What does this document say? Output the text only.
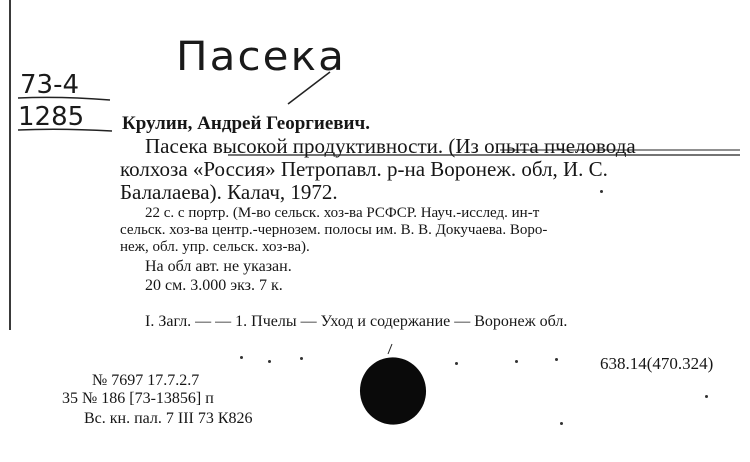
Пасека
73-4
1285 Крулин, Андрей Георгиевич.
Пасека высокой продуктивности. (Из опыта пчеловода
колхоза «Россия» Петропавл. р-на Воронеж. обл, И. С.
Балалаева). Калач, 1972.
22 с. с портр. (М-во сельск. хоз-ва РСФСР. Науч.-исслед. ин-т
сельск. хоз-ва центр.-чернозем. полосы им. В. В. Докучаева. Воро-
неж, обл. упр. сельск. хоз-ва).
На обл авт. не указан.
20 см. 3.000 экз. 7 к.
I. Загл. — — 1. Пчелы — Уход и содержание — Воронеж обл.
638.14(470.324)
№ 7697 17.7.2.7
35 № 186 [73-13856] п
Вс. кн. пал. 7 III 73 К826
